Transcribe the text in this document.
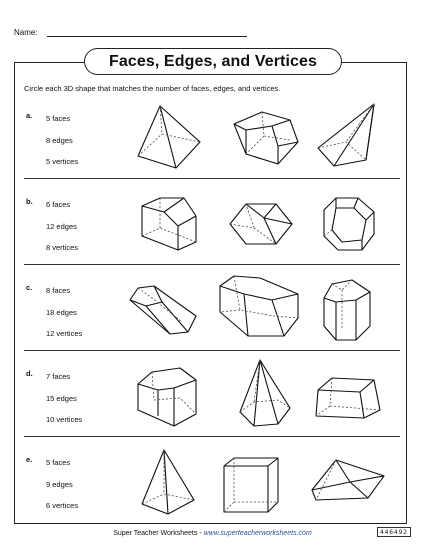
Name:
Faces, Edges, and Vertices
Circle each 3D shape that matches the number of faces, edges, and vertices.
a. 5 faces
8 edges
5 vertices
b. 6 faces
12 edges
8 vertices
c. 8 faces
18 edges
12 vertices
d. 7 faces
15 edges
10 vertices
e. 5 faces
9 edges
6 vertices
Super Teacher Worksheets - www.superteacherworksheets.com	446492
